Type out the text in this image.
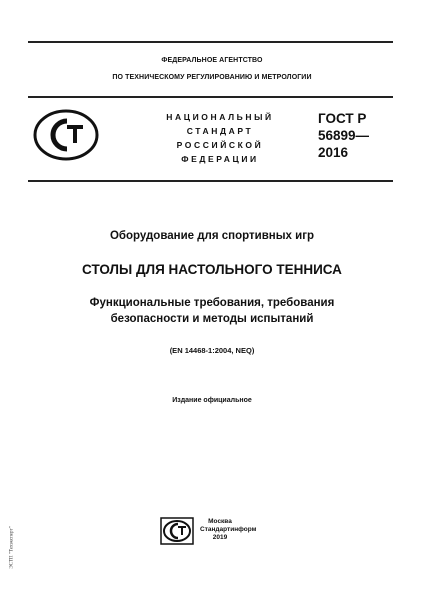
ФЕДЕРАЛЬНОЕ АГЕНТСТВО
ПО ТЕХНИЧЕСКОМУ РЕГУЛИРОВАНИЮ И МЕТРОЛОГИИ
НАЦИОНАЛЬНЫЙ
СТАНДАРТ
РОССИЙСКОЙ
ФЕДЕРАЦИИ
ГОСТ Р
56899—
2016
Оборудование для спортивных игр
СТОЛЫ ДЛЯ НАСТОЛЬНОГО ТЕННИСА
Функциональные требования, требования
безопасности и методы испытаний
(EN 14468-1:2004, NEQ)
Издание официальное
Москва
Стандартинформ
2019
ЭСТП "Техэксперт"
